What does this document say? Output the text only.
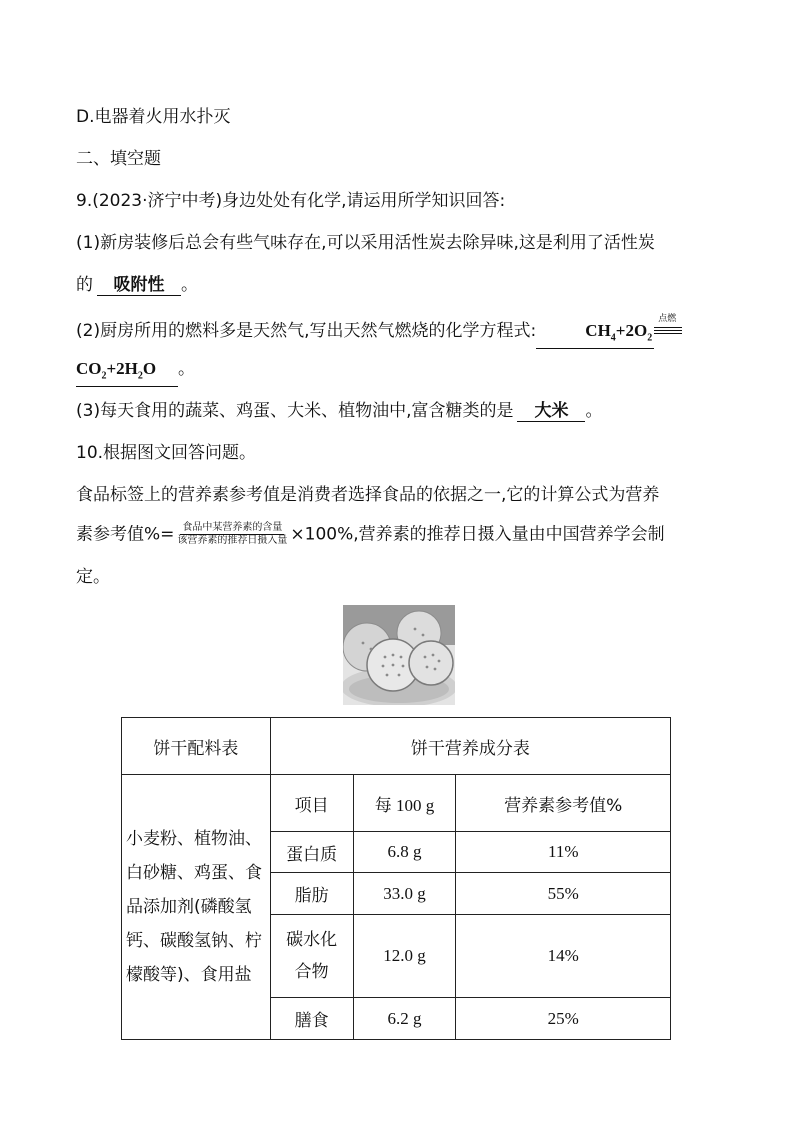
D.电器着火用水扑灭
二、填空题
9.(2023·济宁中考)身边处处有化学,请运用所学知识回答:
(1)新房装修后总会有些气味存在,可以采用活性炭去除异味,这是利用了活性炭
的 吸附性 。
(2)厨房所用的燃料多是天然气,写出天然气燃烧的化学方程式:	$CH_4+2O_2$
点燃
$CO_2+2H_2O$ 。
(3)每天食用的蔬菜、鸡蛋、大米、植物油中,富含糖类的是 大米 。
10.根据图文回答问题。
食品标签上的营养素参考值是消费者选择食品的依据之一,它的计算公式为营养
素参考值%= $\frac{\text{食品中某营养素的含量}}{\text{该营养素的推荐日摄入量}} \times 100\%$,营养素的推荐日摄入量由中国营养学会制
定。
饼干配料表	饼干营养成分表		
小麦粉、植物油、白砂糖、鸡蛋、食品添加剂(磷酸氢钙、碳酸氢钠、柠檬酸等)、食用盐	项目	每 100 g	营养素参考值%
	蛋白质	6.8 g	11%
	脂肪	33.0 g	55%
	碳水化合物	12.0 g	14%
	膳食	6.2 g	25%
